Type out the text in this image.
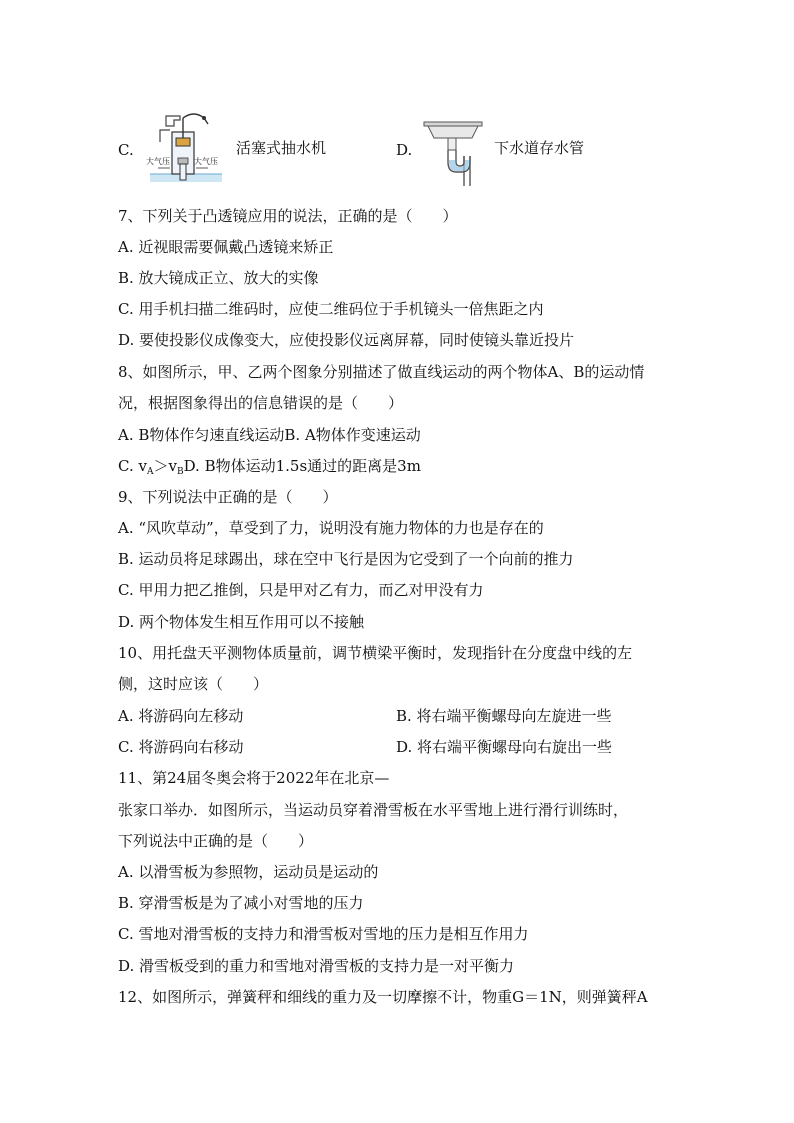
C.
大气压	大气压
活塞式抽水机	D.	下水道存水管
7、下列关于凸透镜应用的说法，正确的是（　　）
A. 近视眼需要佩戴凸透镜来矫正
B. 放大镜成正立、放大的实像
C. 用手机扫描二维码时，应使二维码位于手机镜头一倍焦距之内
D. 要使投影仪成像变大，应使投影仪远离屏幕，同时使镜头靠近投片
8、如图所示，甲、乙两个图象分别描述了做直线运动的两个物体A、B的运动情
况，根据图象得出的信息错误的是（　　）
A. B物体作匀速直线运动B. A物体作变速运动
C. $v_A>v_BD$. B物体运动1.5s通过的距离是3m
9、下列说法中正确的是（　　）
A. “风吹草动”，草受到了力，说明没有施力物体的力也是存在的
B. 运动员将足球踢出，球在空中飞行是因为它受到了一个向前的推力
C. 甲用力把乙推倒，只是甲对乙有力，而乙对甲没有力
D. 两个物体发生相互作用可以不接触
10、用托盘天平测物体质量前，调节横梁平衡时，发现指针在分度盘中线的左
侧，这时应该（　　）
A. 将游码向左移动	B. 将右端平衡螺母向左旋进一些
C. 将游码向右移动	D. 将右端平衡螺母向右旋出一些
11、第24届冬奥会将于2022年在北京—
张家口举办．如图所示，当运动员穿着滑雪板在水平雪地上进行滑行训练时，
下列说法中正确的是（　　）
A. 以滑雪板为参照物，运动员是运动的
B. 穿滑雪板是为了减小对雪地的压力
C. 雪地对滑雪板的支持力和滑雪板对雪地的压力是相互作用力
D. 滑雪板受到的重力和雪地对滑雪板的支持力是一对平衡力
12、如图所示，弹簧秤和细线的重力及一切摩擦不计，物重G＝1N，则弹簧秤A
